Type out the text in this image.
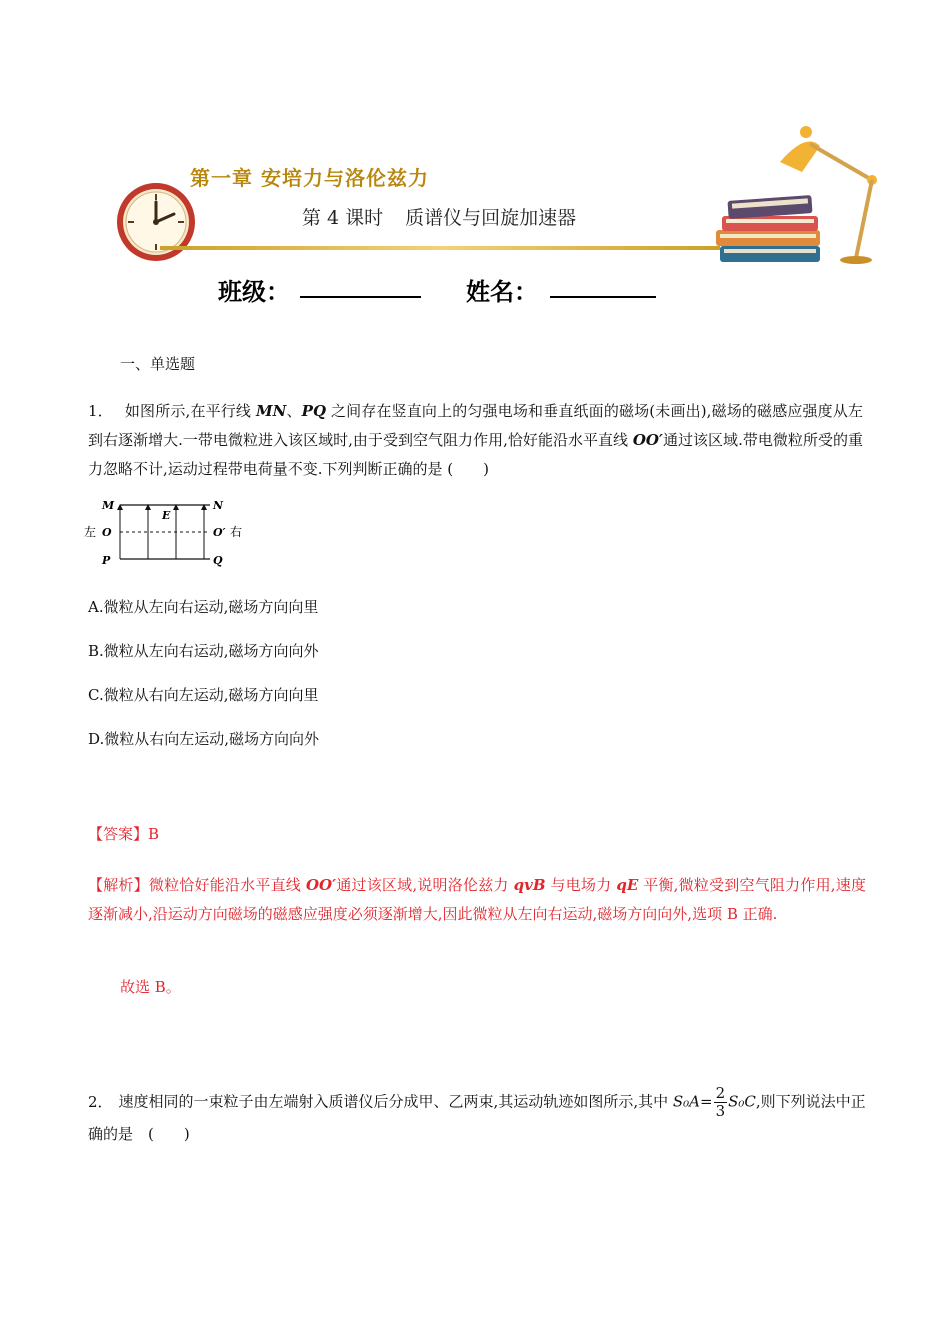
第一章 安培力与洛伦兹力
第 4 课时 质谱仪与回旋加速器
班级：	姓名：
一、单选题
1． 如图所示,在平行线 MN、PQ 之间存在竖直向上的匀强电场和垂直纸面的磁场(未画出),磁场的磁感应强度从左到右逐渐增大.一带电微粒进入该区域时,由于受到空气阻力作用,恰好能沿水平直线 OO′通过该区域.带电微粒所受的重力忽略不计,运动过程带电荷量不变.下列判断正确的是 (　　)
M	N
E
左 O	O′ 右
P	Q
A.微粒从左向右运动,磁场方向向里
B.微粒从左向右运动,磁场方向向外
C.微粒从右向左运动,磁场方向向里
D.微粒从右向左运动,磁场方向向外
【答案】B
【解析】微粒恰好能沿水平直线 OO′通过该区域,说明洛伦兹力 qvB 与电场力 qE 平衡,微粒受到空气阻力作用,速度逐渐减小,沿运动方向磁场的磁感应强度必须逐渐增大,因此微粒从左向右运动,磁场方向向外,选项 B 正确.
故选 B。
2． 速度相同的一束粒子由左端射入质谱仪后分成甲、乙两束,其运动轨迹如图所示,其中 $S_0A= \frac{2}{3} S_0C$,则下列说法中正确的是　(　　)
